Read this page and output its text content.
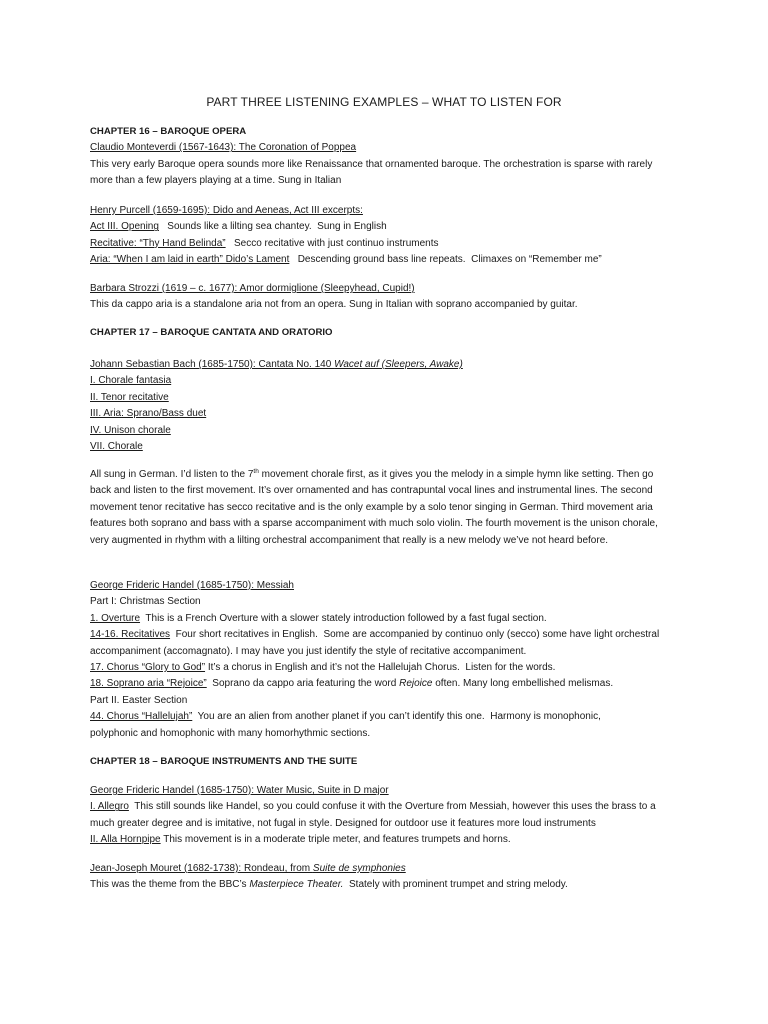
PART THREE LISTENING EXAMPLES – WHAT TO LISTEN FOR
CHAPTER 16 – BAROQUE OPERA
Claudio Monteverdi (1567-1643): The Coronation of Poppea
This very early Baroque opera sounds more like Renaissance that ornamented baroque. The orchestration is sparse with rarely
more than a few players playing at a time. Sung in Italian
Henry Purcell (1659-1695): Dido and Aeneas, Act III excerpts:
Act III. Opening   Sounds like a lilting sea chantey.  Sung in English
Recitative: “Thy Hand Belinda”   Secco recitative with just continuo instruments
Aria: “When I am laid in earth” Dido’s Lament   Descending ground bass line repeats.  Climaxes on “Remember me”
Barbara Strozzi (1619 – c. 1677): Amor dormiglione (Sleepyhead, Cupid!)
This da cappo aria is a standalone aria not from an opera. Sung in Italian with soprano accompanied by guitar.
CHAPTER 17 – BAROQUE CANTATA AND ORATORIO
Johann Sebastian Bach (1685-1750): Cantata No. 140 Wacet auf (Sleepers, Awake)
I. Chorale fantasia
II. Tenor recitative
III. Aria: Sprano/Bass duet
IV. Unison chorale
VII. Chorale
All sung in German. I’d listen to the 7th movement chorale first, as it gives you the melody in a simple hymn like setting. Then go back and listen to the first movement. It’s over ornamented and has contrapuntal vocal lines and instrumental lines. The second movement tenor recitative has secco recitative and is the only example by a solo tenor singing in German. Third movement aria features both soprano and bass with a sparse accompaniment with much solo violin. The fourth movement is the unison chorale, very augmented in rhythm with a lilting orchestral accompaniment that really is a new melody we’ve not heard before.
George Frideric Handel (1685-1750): Messiah
Part I: Christmas Section
1. Overture  This is a French Overture with a slower stately introduction followed by a fast fugal section.
14-16. Recitatives  Four short recitatives in English.  Some are accompanied by continuo only (secco) some have light orchestral
accompaniment (accomagnato). I may have you just identify the style of recitative accompaniment.
17. Chorus “Glory to God” It’s a chorus in English and it’s not the Hallelujah Chorus.  Listen for the words.
18. Soprano aria “Rejoice”  Soprano da cappo aria featuring the word Rejoice often. Many long embellished melismas.
Part II. Easter Section
44. Chorus “Hallelujah”  You are an alien from another planet if you can’t identify this one.  Harmony is monophonic,
polyphonic and homophonic with many homorhythmic sections.
CHAPTER 18 – BAROQUE INSTRUMENTS AND THE SUITE
George Frideric Handel (1685-1750): Water Music, Suite in D major
I. Allegro  This still sounds like Handel, so you could confuse it with the Overture from Messiah, however this uses the brass to a
much greater degree and is imitative, not fugal in style. Designed for outdoor use it features more loud instruments
II. Alla Hornpipe This movement is in a moderate triple meter, and features trumpets and horns.
Jean-Joseph Mouret (1682-1738): Rondeau, from Suite de symphonies
This was the theme from the BBC’s Masterpiece Theater.  Stately with prominent trumpet and string melody.
